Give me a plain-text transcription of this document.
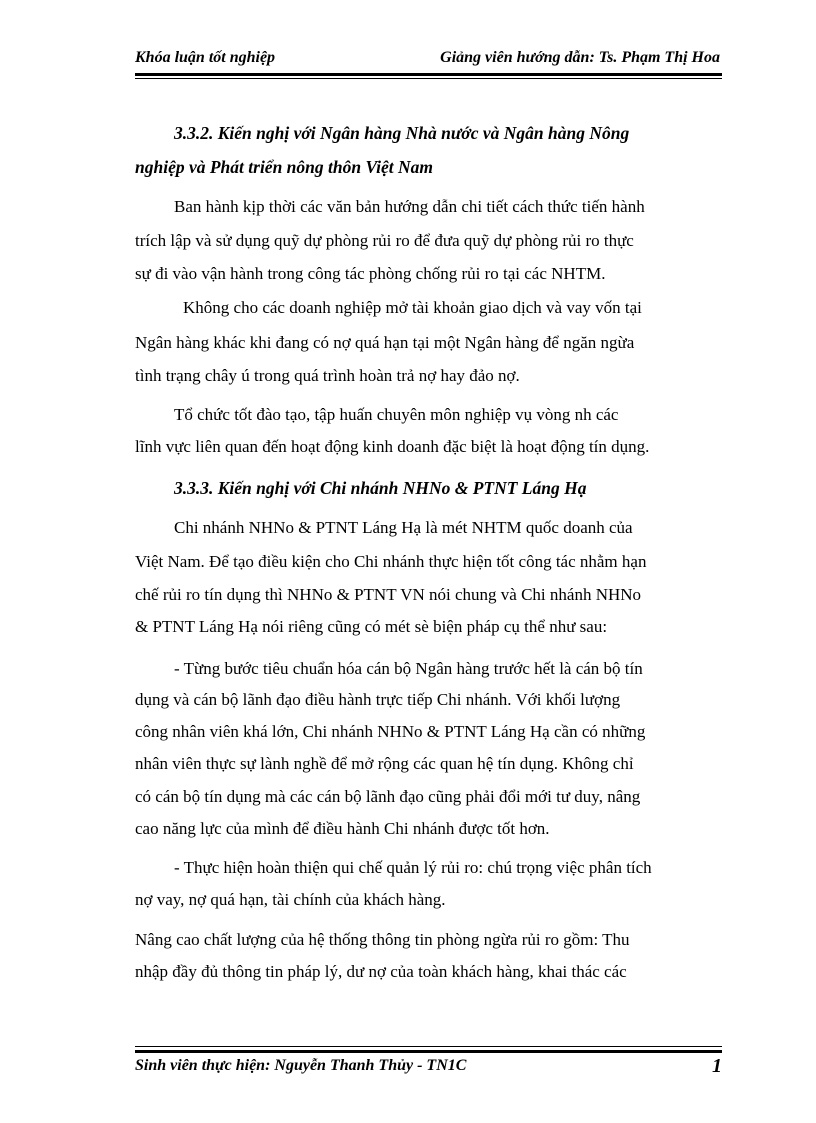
Khóa luận tốt nghiệp	Giảng viên hướng dẫn: Ts. Phạm Thị Hoa
3.3.2. Kiến nghị với Ngân hàng Nhà nước và Ngân hàng Nông
nghiệp và Phát triển nông thôn Việt Nam
Ban hành kịp thời các văn bản hướng dẫn chi tiết cách thức tiến hành
trích lập và sử dụng quỹ dự phòng rủi ro để đưa quỹ dự phòng rủi ro thực
sự đi vào vận hành trong công tác phòng chống rủi ro tại các NHTM.
Không cho các doanh nghiệp mở tài khoản giao dịch và vay vốn tại
Ngân hàng khác khi đang có nợ quá hạn tại một Ngân hàng để ngăn ngừa
tình trạng chây ú trong quá trình hoàn trả nợ hay đảo nợ.
Tổ chức tốt đào tạo, tập huấn chuyên môn nghiệp vụ vòng nh các
lĩnh vực liên quan đến hoạt động kinh doanh đặc biệt là hoạt động tín dụng.
3.3.3. Kiến nghị với Chi nhánh NHNo & PTNT Láng Hạ
Chi nhánh NHNo & PTNT Láng Hạ là mét NHTM quốc doanh của
Việt Nam. Để tạo điều kiện cho Chi nhánh thực hiện tốt công tác nhằm hạn
chế rủi ro tín dụng thì NHNo & PTNT VN nói chung và Chi nhánh NHNo
& PTNT Láng Hạ nói riêng cũng có mét sè biện pháp cụ thể như sau:
- Từng bước tiêu chuẩn hóa cán bộ Ngân hàng trước hết là cán bộ tín
dụng và cán bộ lãnh đạo điều hành trực tiếp Chi nhánh. Với khối lượng
công nhân viên khá lớn, Chi nhánh NHNo & PTNT Láng Hạ cần có những
nhân viên thực sự lành nghề để mở rộng các quan hệ tín dụng. Không chỉ
có cán bộ tín dụng mà các cán bộ lãnh đạo cũng phải đổi mới tư duy, nâng
cao năng lực của mình để điều hành Chi nhánh được tốt hơn.
- Thực hiện hoàn thiện qui chế quản lý rủi ro: chú trọng việc phân tích
nợ vay, nợ quá hạn, tài chính của khách hàng.
Nâng cao chất lượng của hệ thống thông tin phòng ngừa rủi ro gồm: Thu
nhập đầy đủ thông tin pháp lý, dư nợ của toàn khách hàng, khai thác các
Sinh viên thực hiện: Nguyễn Thanh Thủy - TN1C	1
